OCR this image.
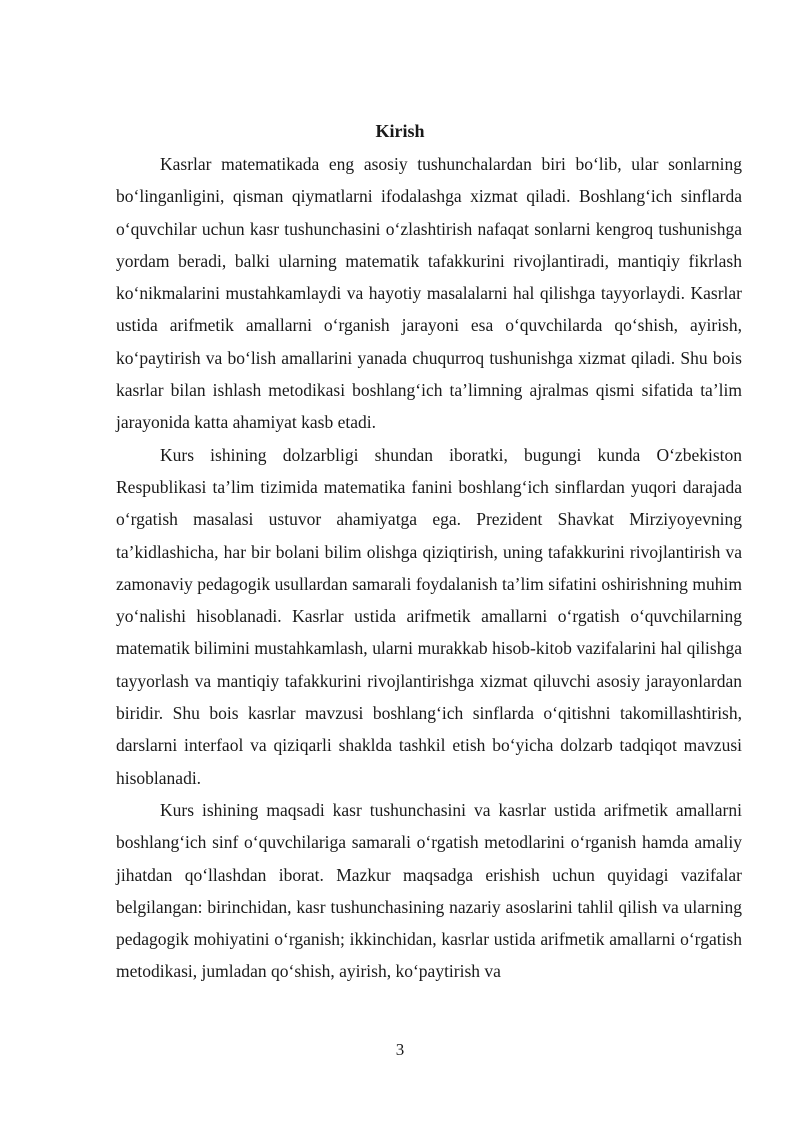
Kirish

Kasrlar matematikada eng asosiy tushunchalardan biri bo‘lib, ular sonlarning bo‘linganligini, qisman qiymatlarni ifodalashga xizmat qiladi. Boshlang‘ich sinflarda o‘quvchilar uchun kasr tushunchasini o‘zlashtirish nafaqat sonlarni kengroq tushunishga yordam beradi, balki ularning matematik tafakkurini rivojlantiradi, mantiqiy fikrlash ko‘nikmalarini mustahkamlaydi va hayotiy masalalarni hal qilishga tayyorlaydi. Kasrlar ustida arifmetik amallarni o‘rganish jarayoni esa o‘quvchilarda qo‘shish, ayirish, ko‘paytirish va bo‘lish amallarini yanada chuqurroq tushunishga xizmat qiladi. Shu bois kasrlar bilan ishlash metodikasi boshlang‘ich ta’limning ajralmas qismi sifatida ta’lim jarayonida katta ahamiyat kasb etadi.

Kurs ishining dolzarbligi shundan iboratki, bugungi kunda O‘zbekiston Respublikasi ta’lim tizimida matematika fanini boshlang‘ich sinflardan yuqori darajada o‘rgatish masalasi ustuvor ahamiyatga ega. Prezident Shavkat Mirziyoyevning ta’kidlashicha, har bir bolani bilim olishga qiziqtirish, uning tafakkurini rivojlantirish va zamonaviy pedagogik usullardan samarali foydalanish ta’lim sifatini oshirishning muhim yo‘nalishi hisoblanadi. Kasrlar ustida arifmetik amallarni o‘rgatish o‘quvchilarning matematik bilimini mustahkamlash, ularni murakkab hisob-kitob vazifalarini hal qilishga tayyorlash va mantiqiy tafakkurini rivojlantirishga xizmat qiluvchi asosiy jarayonlardan biridir. Shu bois kasrlar mavzusi boshlang‘ich sinflarda o‘qitishni takomillashtirish, darslarni interfaol va qiziqarli shaklda tashkil etish bo‘yicha dolzarb tadqiqot mavzusi hisoblanadi.

Kurs ishining maqsadi kasr tushunchasini va kasrlar ustida arifmetik amallarni boshlang‘ich sinf o‘quvchilariga samarali o‘rgatish metodlarini o‘rganish hamda amaliy jihatdan qo‘llashdan iborat. Mazkur maqsadga erishish uchun quyidagi vazifalar belgilangan: birinchidan, kasr tushunchasining nazariy asoslarini tahlil qilish va ularning pedagogik mohiyatini o‘rganish; ikkinchidan, kasrlar ustida arifmetik amallarni o‘rgatish metodikasi, jumladan qo‘shish, ayirish, ko‘paytirish va

3
